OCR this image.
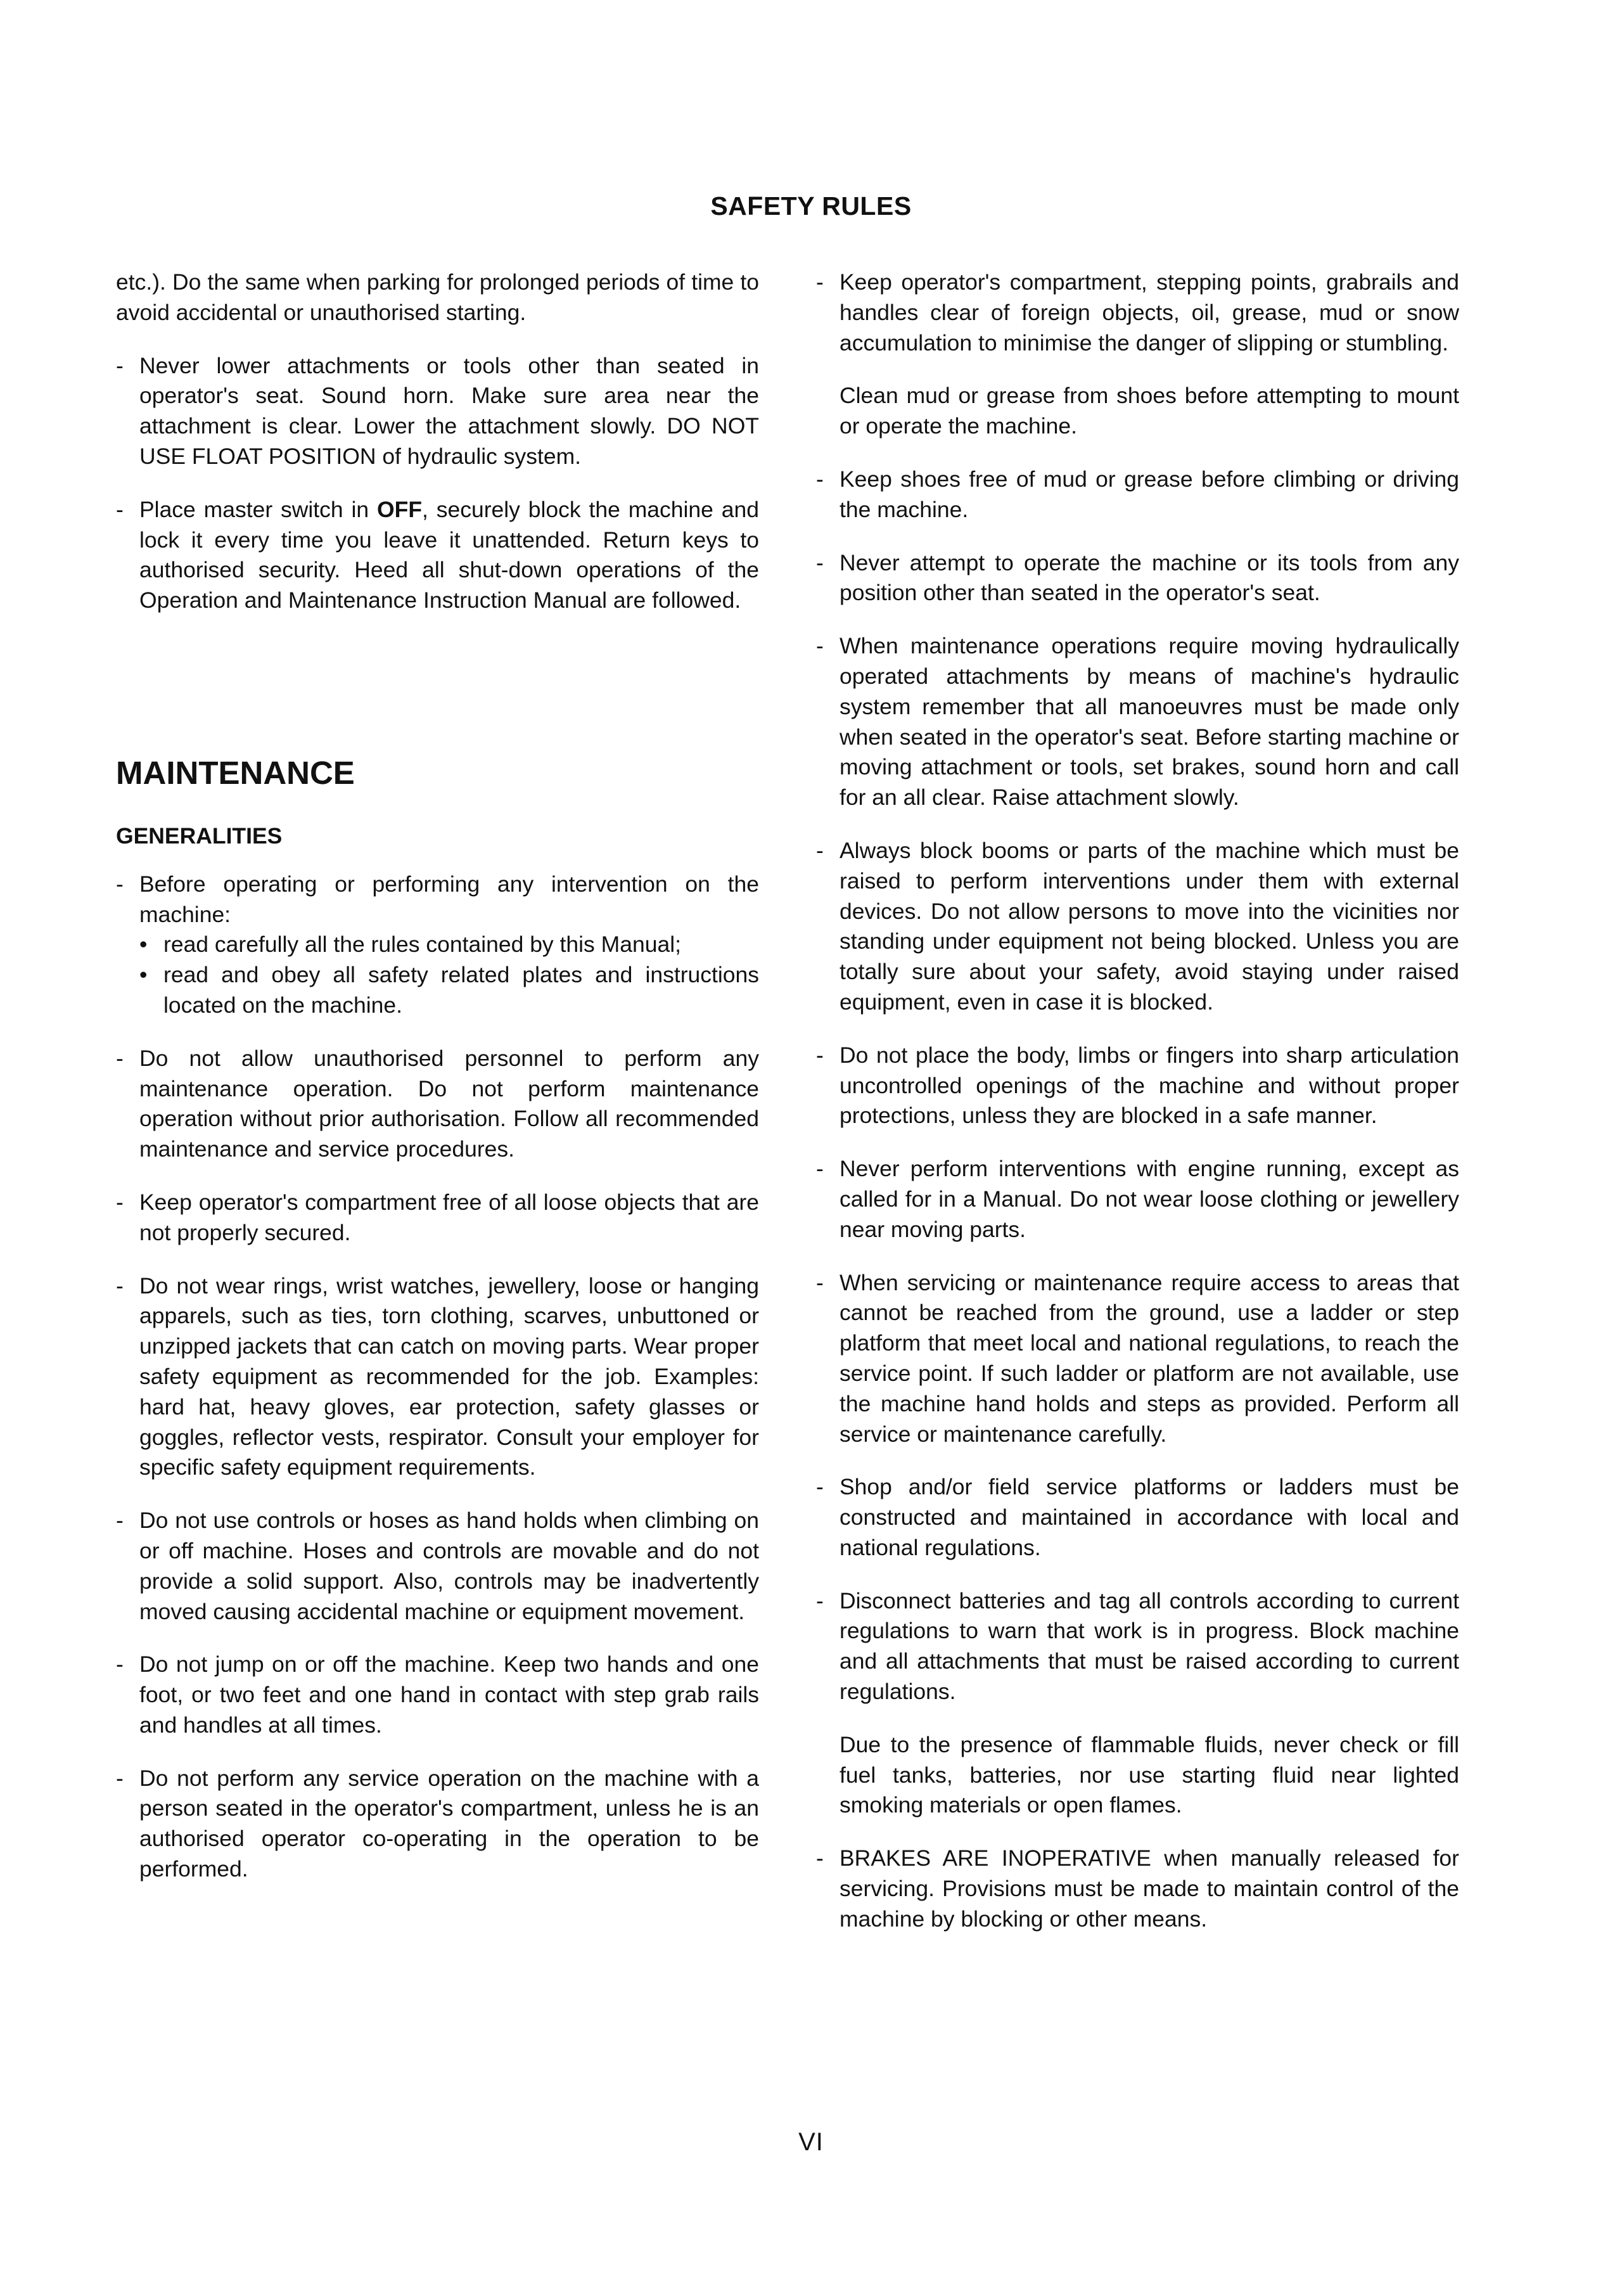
SAFETY RULES
etc.). Do the same when parking for prolonged periods of time to avoid accidental or unauthorised starting.
- Never lower attachments or tools other than seated in operator's seat. Sound horn. Make sure area near the attachment is clear. Lower the attachment slowly. DO NOT USE FLOAT POSITION of hydraulic system.
- Place master switch in OFF, securely block the machine and lock it every time you leave it unattended. Return keys to authorised security. Heed all shut-down operations of the Operation and Maintenance Instruction Manual are followed.
MAINTENANCE
GENERALITIES
- Before operating or performing any intervention on the machine:
• read carefully all the rules contained by this Manual;
• read and obey all safety related plates and instructions located on the machine.
- Do not allow unauthorised personnel to perform any maintenance operation. Do not perform maintenance operation without prior authorisation. Follow all recommended maintenance and service procedures.
- Keep operator's compartment free of all loose objects that are not properly secured.
- Do not wear rings, wrist watches, jewellery, loose or hanging apparels, such as ties, torn clothing, scarves, unbuttoned or unzipped jackets that can catch on moving parts. Wear proper safety equipment as recommended for the job. Examples: hard hat, heavy gloves, ear protection, safety glasses or goggles, reflector vests, respirator. Consult your employer for specific safety equipment requirements.
- Do not use controls or hoses as hand holds when climbing on or off machine. Hoses and controls are movable and do not provide a solid support. Also, controls may be inadvertently moved causing accidental machine or equipment movement.
- Do not jump on or off the machine. Keep two hands and one foot, or two feet and one hand in contact with step grab rails and handles at all times.
- Do not perform any service operation on the machine with a person seated in the operator's compartment, unless he is an authorised operator co-operating in the operation to be performed.
- Keep operator's compartment, stepping points, grabrails and handles clear of foreign objects, oil, grease, mud or snow accumulation to minimise the danger of slipping or stumbling.
Clean mud or grease from shoes before attempting to mount or operate the machine.
- Keep shoes free of mud or grease before climbing or driving the machine.
- Never attempt to operate the machine or its tools from any position other than seated in the operator's seat.
- When maintenance operations require moving hydraulically operated attachments by means of machine's hydraulic system remember that all manoeuvres must be made only when seated in the operator's seat. Before starting machine or moving attachment or tools, set brakes, sound horn and call for an all clear. Raise attachment slowly.
- Always block booms or parts of the machine which must be raised to perform interventions under them with external devices. Do not allow persons to move into the vicinities nor standing under equipment not being blocked. Unless you are totally sure about your safety, avoid staying under raised equipment, even in case it is blocked.
- Do not place the body, limbs or fingers into sharp articulation uncontrolled openings of the machine and without proper protections, unless they are blocked in a safe manner.
- Never perform interventions with engine running, except as called for in a Manual. Do not wear loose clothing or jewellery near moving parts.
- When servicing or maintenance require access to areas that cannot be reached from the ground, use a ladder or step platform that meet local and national regulations, to reach the service point. If such ladder or platform are not available, use the machine hand holds and steps as provided. Perform all service or maintenance carefully.
- Shop and/or field service platforms or ladders must be constructed and maintained in accordance with local and national regulations.
- Disconnect batteries and tag all controls according to current regulations to warn that work is in progress. Block machine and all attachments that must be raised according to current regulations.
Due to the presence of flammable fluids, never check or fill fuel tanks, batteries, nor use starting fluid near lighted smoking materials or open flames.
- BRAKES ARE INOPERATIVE when manually released for servicing. Provisions must be made to maintain control of the machine by blocking or other means.
VI
